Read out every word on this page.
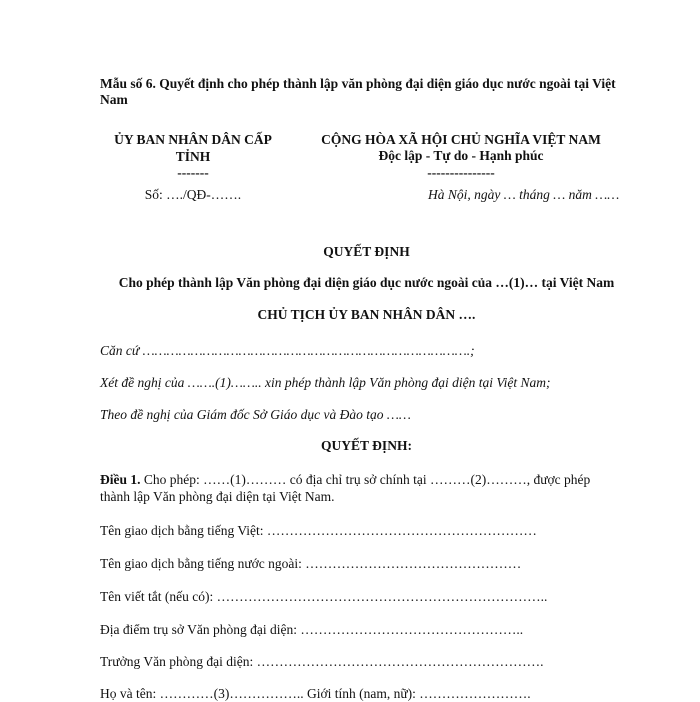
Mẫu số 6. Quyết định cho phép thành lập văn phòng đại diện giáo dục nước ngoài tại Việt Nam
ỦY BAN NHÂN DÂN CẤP TỈNH
-------
Số: …./QĐ-…….
CỘNG HÒA XÃ HỘI CHỦ NGHĨA VIỆT NAM
Độc lập - Tự do - Hạnh phúc
---------------
Hà Nội, ngày … tháng … năm ……
QUYẾT ĐỊNH
Cho phép thành lập Văn phòng đại diện giáo dục nước ngoài của …(1)… tại Việt Nam
CHỦ TỊCH ỦY BAN NHÂN DÂN ….
Căn cứ ……………………………………………………………………….;
Xét đề nghị của …….(1)…….. xin phép thành lập Văn phòng đại diện tại Việt Nam;
Theo đề nghị của Giám đốc Sở Giáo dục và Đào tạo ……
QUYẾT ĐỊNH:
Điều 1. Cho phép: ……(1)……… có địa chỉ trụ sở chính tại ………(2)………, được phép thành lập Văn phòng đại diện tại Việt Nam.
Tên giao dịch bằng tiếng Việt: ……………………………………………………
Tên giao dịch bằng tiếng nước ngoài: …………………………………………
Tên viết tắt (nếu có): ………………………………………………………………..
Địa điểm trụ sở Văn phòng đại diện: …………………………………………..
Trưởng Văn phòng đại diện: ……………………………………………………….
Họ và tên: …………(3)…………….. Giới tính (nam, nữ): …………………….
